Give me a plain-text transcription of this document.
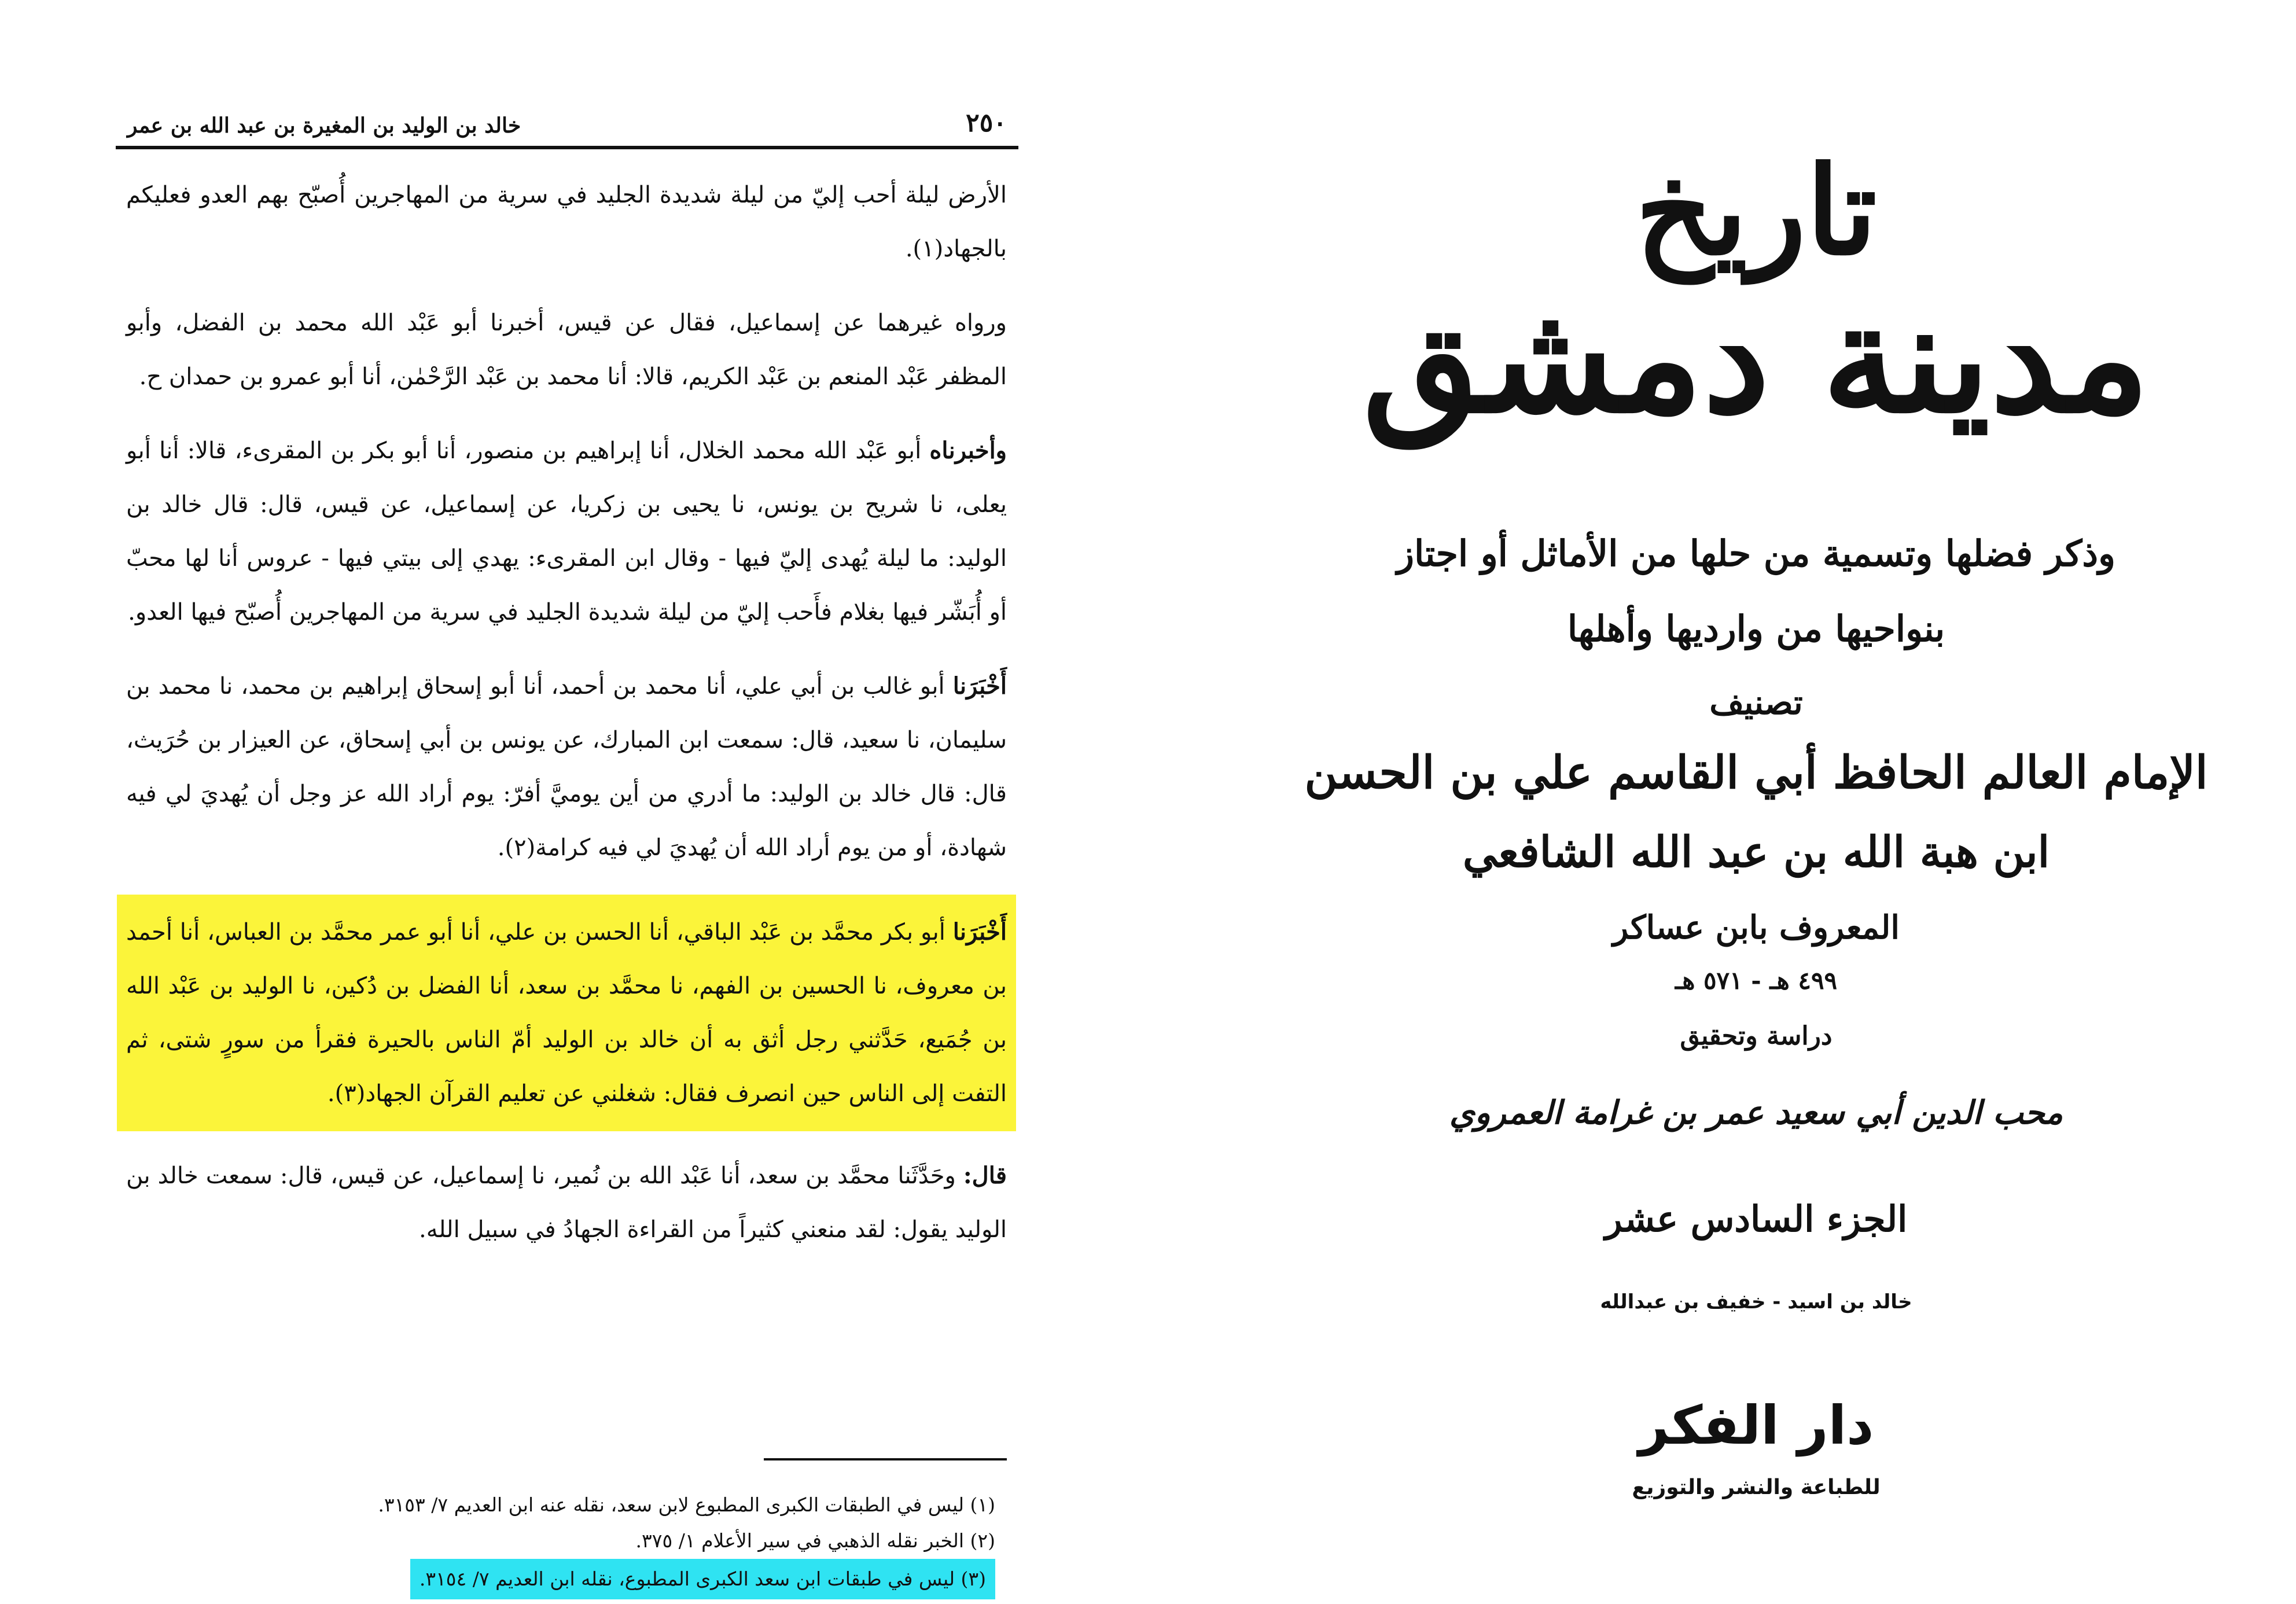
٢٥٠
خالد بن الوليد بن المغيرة بن عبد الله بن عمر

الأرض ليلة أحب إليّ من ليلة شديدة الجليد في سرية من المهاجرين أُصبّح بهم العدو فعليكم بالجهاد(١).

ورواه غيرهما عن إسماعيل، فقال عن قيس، أخبرنا أبو عَبْد الله محمد بن الفضل، وأبو المظفر عَبْد المنعم بن عَبْد الكريم، قالا: أنا محمد بن عَبْد الرَّحْمٰن، أنا أبو عمرو بن حمدان ح.

وأخبرناه أبو عَبْد الله محمد الخلال، أنا إبراهيم بن منصور، أنا أبو بكر بن المقرىء، قالا: أنا أبو يعلى، نا شريح بن يونس، نا يحيى بن زكريا، عن إسماعيل، عن قيس، قال: قال خالد بن الوليد: ما ليلة يُهدى إليّ فيها - وقال ابن المقرىء: يهدي إلى بيتي فيها - عروس أنا لها محبّ أو أُبَشّر فيها بغلام فأَحب إليّ من ليلة شديدة الجليد في سرية من المهاجرين أُصبّح فيها العدو.

أَخْبَرَنا أبو غالب بن أبي علي، أنا محمد بن أحمد، أنا أبو إسحاق إبراهيم بن محمد، نا محمد بن سليمان، نا سعيد، قال: سمعت ابن المبارك، عن يونس بن أبي إسحاق، عن العيزار بن حُرَيث، قال: قال خالد بن الوليد: ما أدري من أين يوميَّ أفرّ: يوم أراد الله عز وجل أن يُهديَ لي فيه شهادة، أو من يوم أراد الله أن يُهديَ لي فيه كرامة(٢).

أَخْبَرَنا أبو بكر محمَّد بن عَبْد الباقي، أنا الحسن بن علي، أنا أبو عمر محمَّد بن العباس، أنا أحمد بن معروف، نا الحسين بن الفهم، نا محمَّد بن سعد، أنا الفضل بن دُكين، نا الوليد بن عَبْد الله بن جُمَيع، حَدَّثني رجل أثق به أن خالد بن الوليد أمّ الناس بالحيرة فقرأ من سورٍ شتى، ثم التفت إلى الناس حين انصرف فقال: شغلني عن تعليم القرآن الجهاد(٣).

قال: وحَدَّثَنا محمَّد بن سعد، أنا عَبْد الله بن نُمير، نا إسماعيل، عن قيس، قال: سمعت خالد بن الوليد يقول: لقد منعني كثيراً من القراءة الجهادُ في سبيل الله.

(١) ليس في الطبقات الكبرى المطبوع لابن سعد، نقله عنه ابن العديم ٧/ ٣١٥٣.

(٢) الخبر نقله الذهبي في سير الأعلام ١/ ٣٧٥.

(٣) ليس في طبقات ابن سعد الكبرى المطبوع، نقله ابن العديم ٧/ ٣١٥٤.

تاريخ
مدينة دمشق
وذكر فضلها وتسمية من حلها من الأماثل أو اجتاز
بنواحيها من وارديها وأهلها
تصنيف
الإمام العالم الحافظ أبي القاسم علي بن الحسن
ابن هبة الله بن عبد الله الشافعي
المعروف بابن عساكر
٤٩٩ هـ - ٥٧١ هـ
دراسة وتحقيق
محب الدين أبي سعيد عمر بن غرامة العمروي
الجزء السادس عشر
خالد بن اسيد - خفيف بن عبدالله
دار الفكر
للطباعة والنشر والتوزيع
